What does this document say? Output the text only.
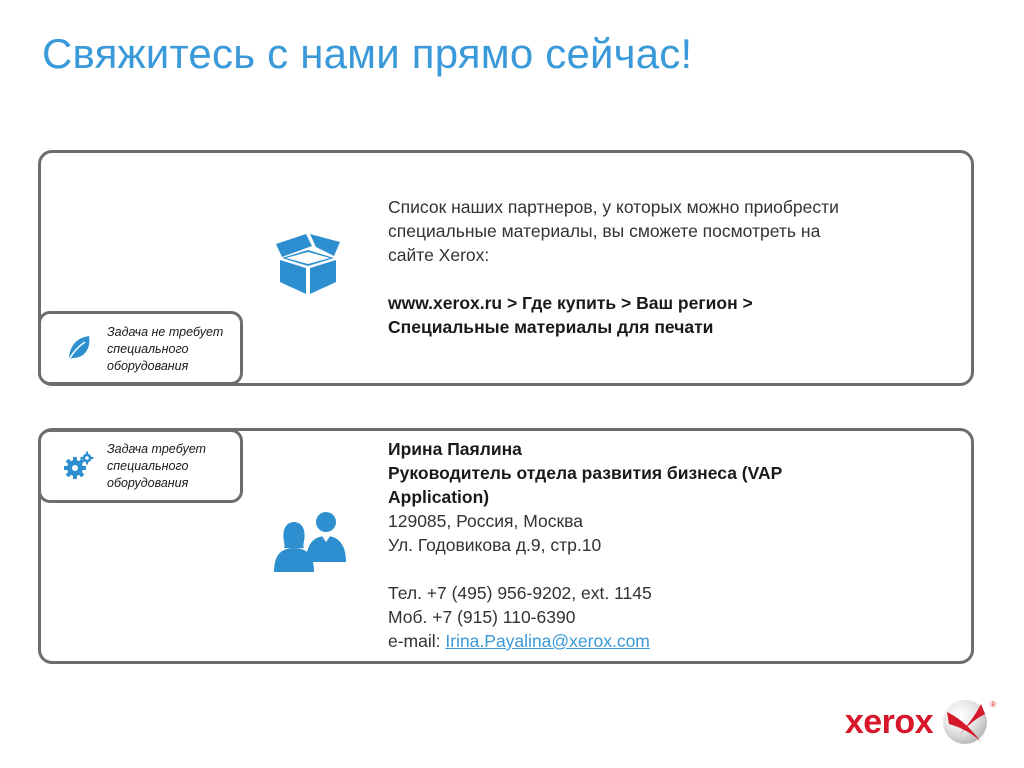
Свяжитесь с нами прямо сейчас!
Список наших партнеров, у которых можно приобрести
специальные материалы, вы сможете посмотреть на
сайте Xerox:
www.xerox.ru > Где купить > Ваш регион >
Специальные материалы для печати
Задача не требует
специального
оборудования
Задача требует
специального
оборудования
Ирина Паялина
Руководитель отдела развития бизнеса (VAP
Application)
129085, Россия, Москва
Ул. Годовикова д.9, стр.10
Тел. +7 (495) 956-9202, ext. 1145
Моб. +7 (915) 110-6390
e-mail: Irina.Payalina@xerox.com
xerox	®
